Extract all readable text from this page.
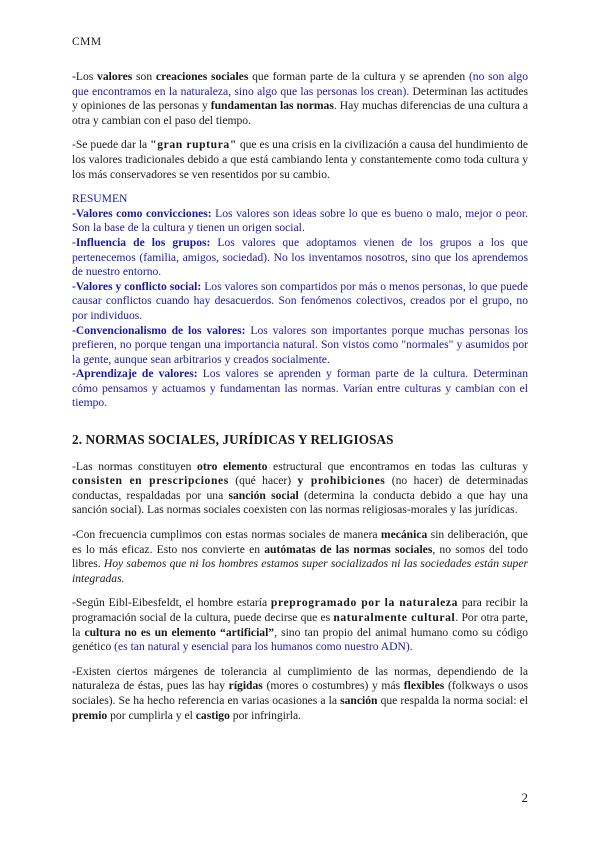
CMM

-Los valores son creaciones sociales que forman parte de la cultura y se aprenden (no son algo que encontramos en la naturaleza, sino algo que las personas los crean). Determinan las actitudes y opiniones de las personas y fundamentan las normas. Hay muchas diferencias de una cultura a otra y cambian con el paso del tiempo.

-Se puede dar la "gran ruptura" que es una crisis en la civilización a causa del hundimiento de los valores tradicionales debido a que está cambiando lenta y constantemente como toda cultura y los más conservadores se ven resentidos por su cambio.

RESUMEN

-Valores como convicciones: Los valores son ideas sobre lo que es bueno o malo, mejor o peor. Son la base de la cultura y tienen un origen social.

-Influencia de los grupos: Los valores que adoptamos vienen de los grupos a los que pertenecemos (familia, amigos, sociedad). No los inventamos nosotros, sino que los aprendemos de nuestro entorno.

-Valores y conflicto social: Los valores son compartidos por más o menos personas, lo que puede causar conflictos cuando hay desacuerdos. Son fenómenos colectivos, creados por el grupo, no por individuos.

-Convencionalismo de los valores: Los valores son importantes porque muchas personas los prefieren, no porque tengan una importancia natural. Son vistos como "normales" y asumidos por la gente, aunque sean arbitrarios y creados socialmente.

-Aprendizaje de valores: Los valores se aprenden y forman parte de la cultura. Determinan cómo pensamos y actuamos y fundamentan las normas. Varían entre culturas y cambian con el tiempo.

2. NORMAS SOCIALES, JURÍDICAS Y RELIGIOSAS

-Las normas constituyen otro elemento estructural que encontramos en todas las culturas y consisten en prescripciones (qué hacer) y prohibiciones (no hacer) de determinadas conductas, respaldadas por una sanción social (determina la conducta debido a que hay una sanción social). Las normas sociales coexisten con las normas religiosas-morales y las jurídicas.

-Con frecuencia cumplimos con estas normas sociales de manera mecánica sin deliberación, que es lo más eficaz. Esto nos convierte en autómatas de las normas sociales, no somos del todo libres. Hoy sabemos que ni los hombres estamos super socializados ni las sociedades están super integradas.

-Según Eibl-Eibesfeldt, el hombre estaría preprogramado por la naturaleza para recibir la programación social de la cultura, puede decirse que es naturalmente cultural. Por otra parte, la cultura no es un elemento “artificial”, sino tan propio del animal humano como su código genético (es tan natural y esencial para los humanos como nuestro ADN).

-Existen ciertos márgenes de tolerancia al cumplimiento de las normas, dependiendo de la naturaleza de éstas, pues las hay rígidas (mores o costumbres) y más flexibles (folkways o usos sociales). Se ha hecho referencia en varias ocasiones a la sanción que respalda la norma social: el premio por cumplirla y el castigo por infringirla.

2
